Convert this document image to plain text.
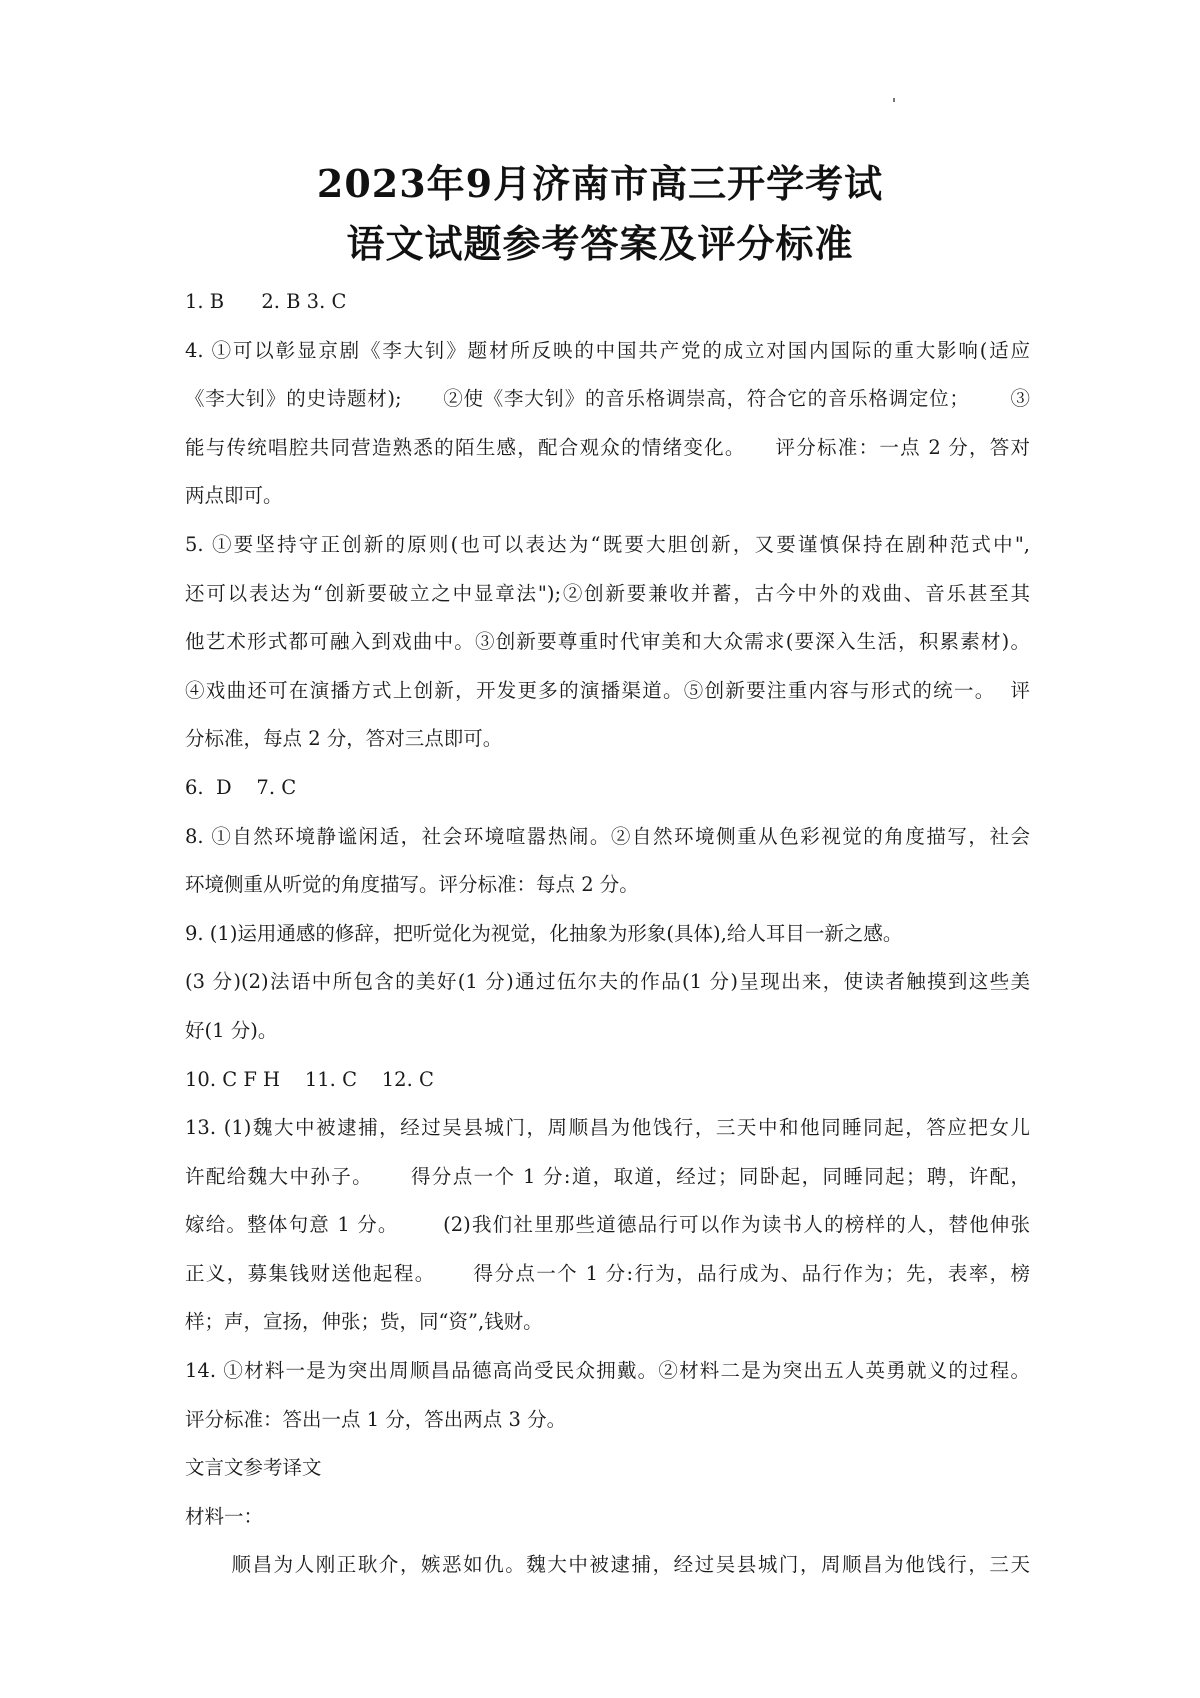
2023年9月济南市高三开学考试
语文试题参考答案及评分标准
1. B      2. B 3. C
4. ①可以彰显京剧《李大钊》题材所反映的中国共产党的成立对国内国际的重大影响(适应
《李大钊》的史诗题材);      ②使《李大钊》的音乐格调崇高，符合它的音乐格调定位；      ③
能与传统唱腔共同营造熟悉的陌生感，配合观众的情绪变化。    评分标准：一点 2 分，答对
两点即可。
5. ①要坚持守正创新的原则(也可以表达为“既要大胆创新，又要谨慎保持在剧种范式中",
还可以表达为“创新要破立之中显章法");②创新要兼收并蓄，古今中外的戏曲、音乐甚至其
他艺术形式都可融入到戏曲中。③创新要尊重时代审美和大众需求(要深入生活，积累素材)。
④戏曲还可在演播方式上创新，开发更多的演播渠道。⑤创新要注重内容与形式的统一。  评
分标准，每点 2 分，答对三点即可。
6.  D    7. C
8. ①自然环境静谧闲适，社会环境喧嚣热闹。②自然环境侧重从色彩视觉的角度描写，社会
环境侧重从听觉的角度描写。评分标准：每点 2 分。
9. (1)运用通感的修辞，把听觉化为视觉，化抽象为形象(具体),给人耳目一新之感。
(3 分)(2)法语中所包含的美好(1 分)通过伍尔夫的作品(1 分)呈现出来，使读者触摸到这些美
好(1 分)。
10. C F H    11. C    12. C
13. (1)魏大中被逮捕，经过吴县城门，周顺昌为他饯行，三天中和他同睡同起，答应把女儿
许配给魏大中孙子。     得分点一个 1 分:道，取道，经过；同卧起，同睡同起；聘，许配，
嫁给。整体句意 1 分。      (2)我们社里那些道德品行可以作为读书人的榜样的人，替他伸张
正义，募集钱财送他起程。     得分点一个 1 分:行为，品行成为、品行作为；先，表率，榜
样；声，宣扬，伸张；赀，同“资”,钱财。
14. ①材料一是为突出周顺昌品德高尚受民众拥戴。②材料二是为突出五人英勇就义的过程。
评分标准：答出一点 1 分，答出两点 3 分。
文言文参考译文
材料一：
顺昌为人刚正耿介，嫉恶如仇。魏大中被逮捕，经过吴县城门，周顺昌为他饯行，三天
